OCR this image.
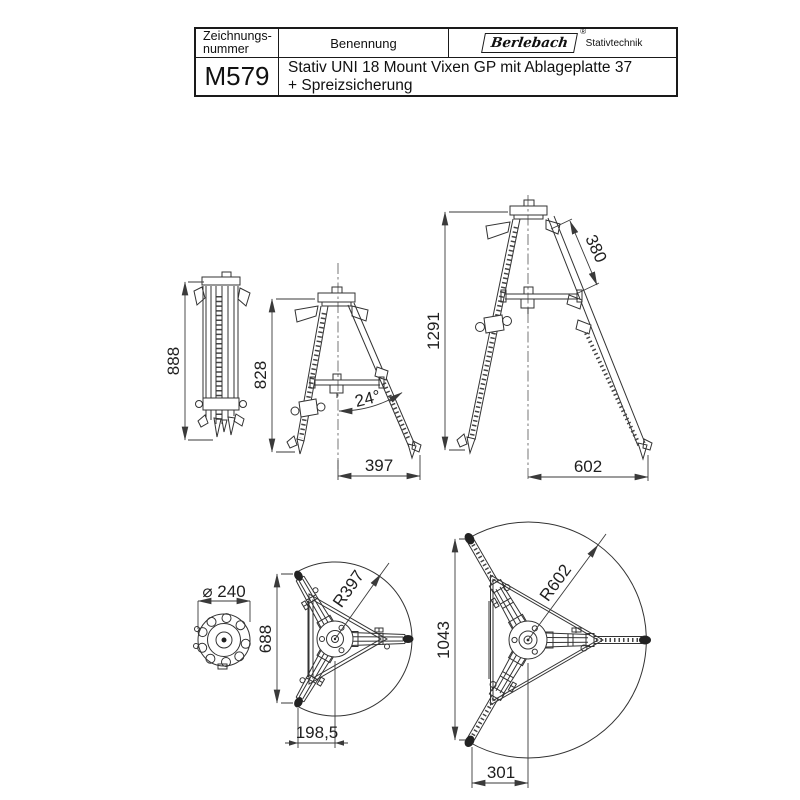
Zeichnungs-
nummer	Benennung	Berlebach
®
Stativtechnik
M579	Stativ UNI 18 Mount Vixen GP mit Ablageplatte 37
+ Spreizsicherung
888
24°
828
397
380
1291
602
⌀ 240	R397
688
198,5
R602
1043
301
